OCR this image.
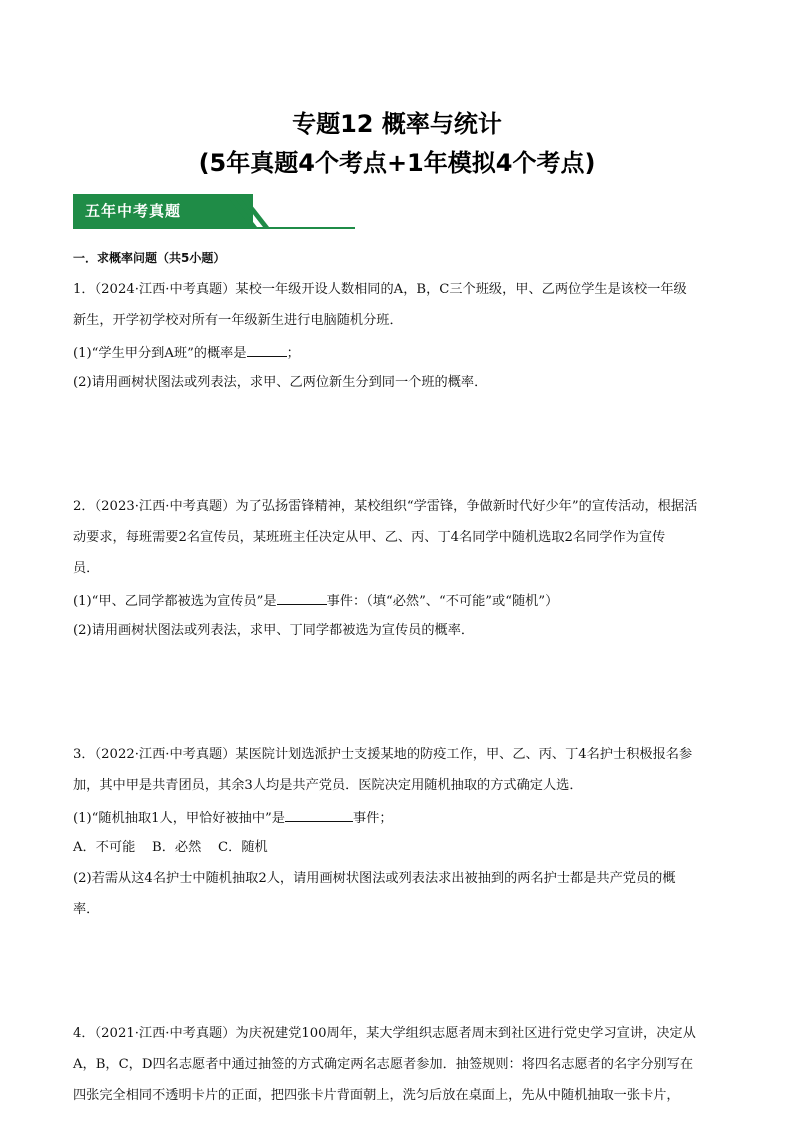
专题12 概率与统计
(5年真题4个考点+1年模拟4个考点)
五年中考真题
一．求概率问题（共5小题）
1．（2024·江西·中考真题）某校一年级开设人数相同的A，B，C三个班级，甲、乙两位学生是该校一年级
新生，开学初学校对所有一年级新生进行电脑随机分班．
(1)“学生甲分到A班”的概率是	；
(2)请用画树状图法或列表法，求甲、乙两位新生分到同一个班的概率．
2．（2023·江西·中考真题）为了弘扬雷锋精神，某校组织“学雷锋，争做新时代好少年”的宣传活动，根据活
动要求，每班需要2名宣传员，某班班主任决定从甲、乙、丙、丁4名同学中随机选取2名同学作为宣传
员．
(1)“甲、乙同学都被选为宣传员”是	事件：（填“必然”、“不可能”或“随机”）
(2)请用画树状图法或列表法，求甲、丁同学都被选为宣传员的概率．
3．（2022·江西·中考真题）某医院计划选派护士支援某地的防疫工作，甲、乙、丙、丁4名护士积极报名参
加，其中甲是共青团员，其余3人均是共产党员．医院决定用随机抽取的方式确定人选．
(1)“随机抽取1人，甲恰好被抽中”是	事件；
A．不可能    B．必然    C．随机
(2)若需从这4名护士中随机抽取2人，请用画树状图法或列表法求出被抽到的两名护士都是共产党员的概
率．
4．（2021·江西·中考真题）为庆祝建党100周年，某大学组织志愿者周末到社区进行党史学习宣讲，决定从
A，B，C，D四名志愿者中通过抽签的方式确定两名志愿者参加．抽签规则：将四名志愿者的名字分别写在
四张完全相同不透明卡片的正面，把四张卡片背面朝上，洗匀后放在桌面上，先从中随机抽取一张卡片，
